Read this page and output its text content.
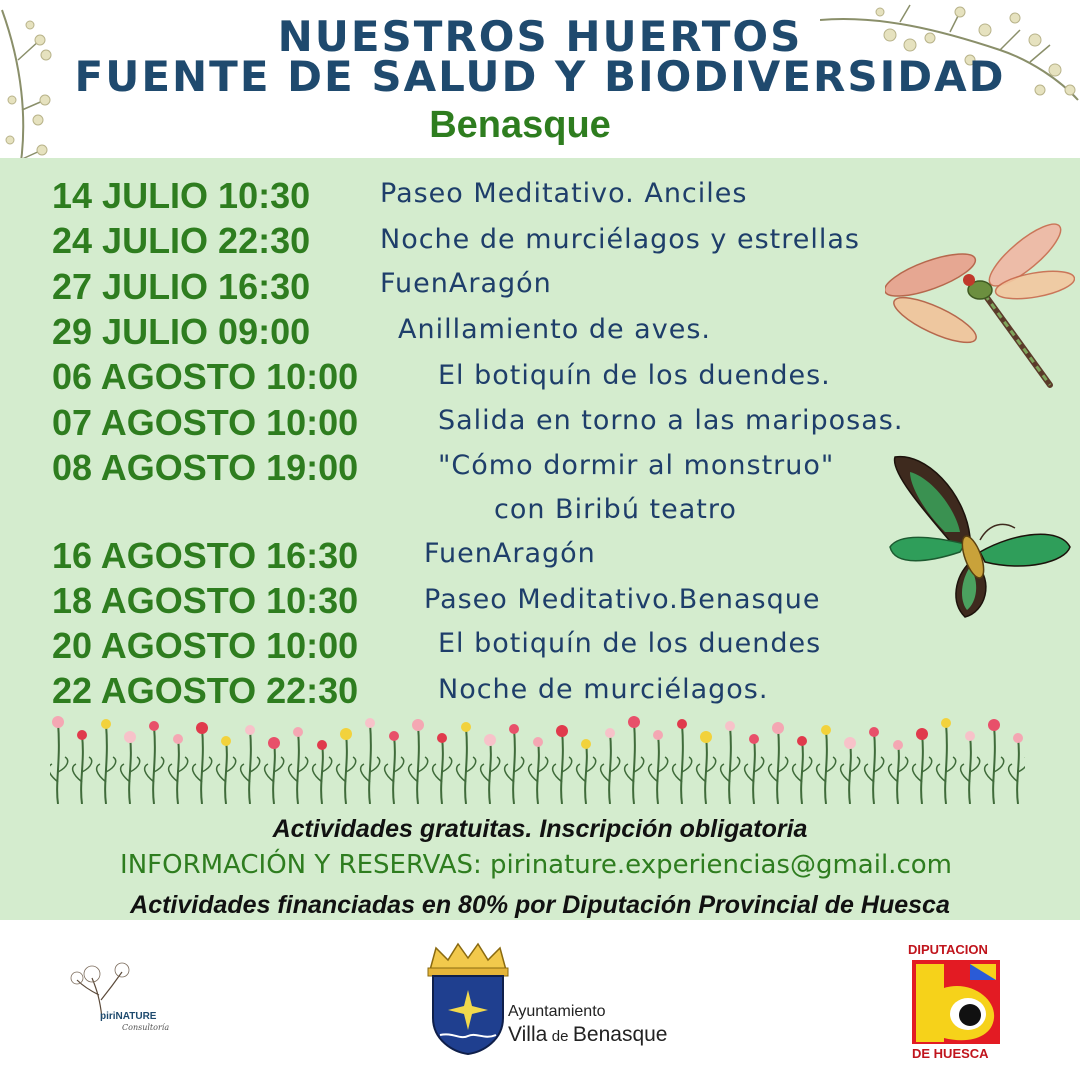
NUESTROS HUERTOS
FUENTE DE SALUD Y BIODIVERSIDAD
Benasque
14 JULIO 10:30	Paseo Meditativo. Anciles
24 JULIO 22:30	Noche de murciélagos y estrellas
27 JULIO 16:30	FuenAragón
29 JULIO 09:00	Anillamiento de aves.
06 AGOSTO 10:00	El botiquín de los duendes.
07 AGOSTO 10:00	Salida en torno a las mariposas.
08 AGOSTO 19:00	"Cómo dormir al monstruo"
con Biribú teatro
16 AGOSTO 16:30 FuenAragón
18 AGOSTO 10:30 Paseo Meditativo.Benasque
20 AGOSTO 10:00	El botiquín de los duendes
22 AGOSTO 22:30	Noche de murciélagos.
Actividades gratuitas. Inscripción obligatoria
INFORMACIÓN Y RESERVAS: pirinature.experiencias@gmail.com
Actividades financiadas en 80% por Diputación Provincial de Huesca
piriNATURE
Consultoría
Ayuntamiento
Villa de Benasque
DIPUTACION
DE HUESCA
